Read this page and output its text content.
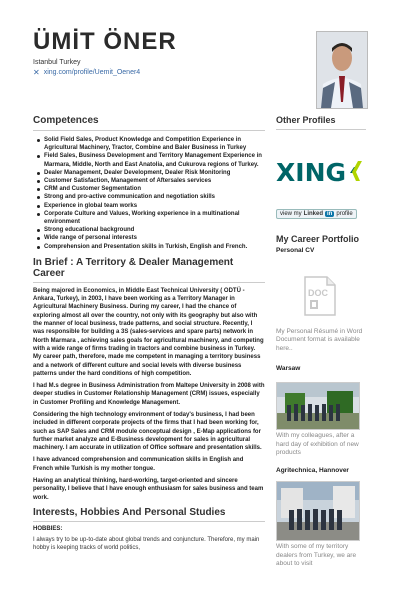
ÜMİT ÖNER
Istanbul Turkey
✕ xing.com/profile/Uemit_Oener4
Competences
Solid Field Sales, Product Knowledge and Competition Experience in Agricultural Machinery, Tractor, Combine and Baler Business in Turkey
Field Sales, Business Development and Territory Management Experience in Marmara, Middle, North and East Anatolia, and Cukurova regions of Turkey.
Dealer Management, Dealer Development, Dealer Risk Monitoring
Customer Satisfaction, Management of Aftersales services
CRM and Customer Segmentation
Strong and pro-active communication and negotiation skills
Experience in global team works
Corporate Culture and Values, Working experience in a multinational environment
Strong educational background
Wide range of personal interests
Comprehension and Presentation skills in Turkish, English and French.
In Brief : A Territory & Dealer Management Career
Being majored in Economics, in Middle East Technical University ( ODTÜ - Ankara, Turkey), in 2003, I have been working as a Territory Manager in Agricultural Machinery Business. During my career, I had the chance of exploring almost all over the country, not only with its geography but also with the manner of local business, trade patterns, and social structure. Recently, I was responsible for building a 3S (sales-services and spare parts) network in North Marmara , achieving sales goals for agricultural machinery, and competing with a wide range of firms trading in tractors and combine business in Turkey. My career path, therefore, made me competent in managing a territory business and a network of different culture and social levels with diverse business patterns under the hard conditions of high competition.
I had M.s degree in Business Administration from Maltepe University in 2008 with deeper studies in Customer Relationship Management (CRM) issues, especially in Customer Profiling and Knowledge Management.
Considering the high technology environment of today's business, I had been included in different corporate projects of the firms that I had been working for, such as SAP Sales and CRM module conceptual design , E-Map applications for further market analyze and E-Business development for sales in agricultural machinery. I am accurate in utilization of Office software and presentation skills.
I have advanced comprehension and communication skills in English and French while Turkish is my mother tongue.
Having an analytical thinking, hard-working, target-oriented and sincere personality, I believe that I have enough enthusiasm for sales business and team work.
Interests, Hobbies And Personal Studies
HOBBIES:
I always try to be up-to-date about global trends and conjuncture. Therefore, my main hobby is keeping tracks of world politics,
Other Profiles
XING
view my Linked in profile
My Career Portfolio
Personal CV
DOC
My Personal Résumé in Word Document format is available here..
Warsaw
With my colleagues, after a hard day of exhibition of new products
Agritechnica, Hannover
With some of my territory dealers from Turkey, we are about to visit
